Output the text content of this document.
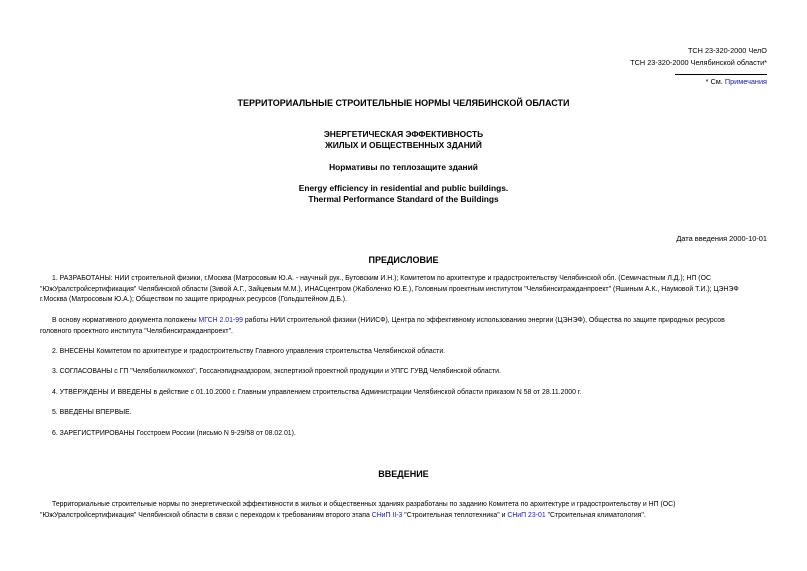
ТСН 23-320-2000 ЧелО
ТСН 23-320-2000 Челябинской области*
* См. Примечания
ТЕРРИТОРИАЛЬНЫЕ СТРОИТЕЛЬНЫЕ НОРМЫ ЧЕЛЯБИНСКОЙ ОБЛАСТИ
ЭНЕРГЕТИЧЕСКАЯ ЭФФЕКТИВНОСТЬ
ЖИЛЫХ И ОБЩЕСТВЕННЫХ ЗДАНИЙ
Нормативы по теплозащите зданий
Energy efficiency in residential and public buildings.
Thermal Performance Standard of the Buildings
Дата введения 2000-10-01
ПРЕДИСЛОВИЕ
1. РАЗРАБОТАНЫ: НИИ строительной физики, г.Москва (Матросовым Ю.А. - научный рук., Бутовским И.Н.); Комитетом по архитектуре и градостроительству Челябинской обл. (Семичастным Л.Д.); НП (ОС
"ЮжУралстройсертификация" Челябинской области (Зивой А.Г., Зайцевым М.М.), ИНАСцентром (Жаболенко Ю.Е.), Головным проектным институтом "Челябинскгражданпроект" (Яшиным А.К., Наумовой Т.И.); ЦЭНЭФ
г.Москва (Матросовым Ю.А.); Обществом по защите природных ресурсов (Гольдштейном Д.Б.).
В основу нормативного документа положены МГСН 2.01-99 работы НИИ строительной физики (НИИСФ), Центра по эффективному использованию энергии (ЦЭНЭФ), Общества по защите природных ресурсов
головного проектного института "Челябинскгражданпроект".
2. ВНЕСЕНЫ Комитетом по архитектуре и градостроительству Главного управления строительства Челябинской области.
3. СОГЛАСОВАНЫ с ГП "Челяболкилкомхоз", Госсанэпидназдзором, экспертизой проектной продукции и УПГС ГУВД Челябинской области.
4. УТВЕРЖДЕНЫ И ВВЕДЕНЫ в действие с 01.10.2000 г. Главным управлением строительства Администрации Челябинской области приказом N 58 от 28.11.2000 г.
5. ВВЕДЕНЫ ВПЕРВЫЕ.
6. ЗАРЕГИСТРИРОВАНЫ Госстроем России (письмо N 9-29/58 от 08.02.01).
ВВЕДЕНИЕ
Территориальные строительные нормы по энергетической эффективности в жилых и общественных зданиях разработаны по заданию Комитета по архитектуре и градостроительству и НП (ОС)
"ЮжУралстройсертификация" Челябинской области в связи с переходом к требованиям второго этапа СНиП II-3 "Строительная теплотехника" и СНиП 23-01 "Строительная климатология".
